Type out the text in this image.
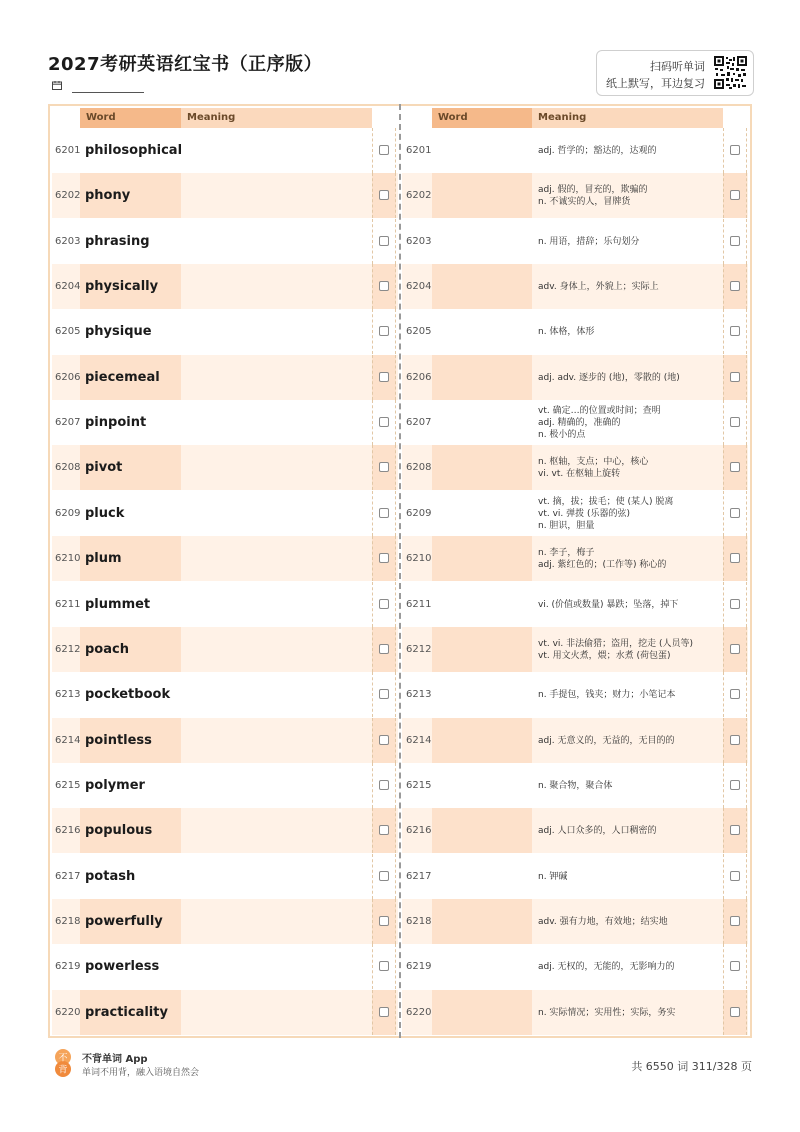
2027考研英语红宝书（正序版）	扫码听单词
纸上默写，耳边复习
Word	Meaning	Word	Meaning
6201 philosophical	6201	adj. 哲学的；豁达的，达观的
6202 phony	6202
adj. 假的，冒充的，欺骗的
n. 不诚实的人，冒牌货
6203 phrasing	6203	n. 用语，措辞；乐句划分
6204 physically	6204	adv. 身体上，外貌上；实际上
6205 physique	6205	n. 体格，体形
6206 piecemeal	6206	adj. adv. 逐步的 (地)，零散的 (地)
6207 pinpoint	6207
vt. 确定…的位置或时间；查明
adj. 精确的，准确的
n. 极小的点
6208 pivot	6208
n. 枢轴，支点；中心，核心
vi. vt. 在枢轴上旋转
6209 pluck	6209
vt. 摘，拔；拔毛；使 (某人) 脱离
vt. vi. 弹拨 (乐器的弦)
n. 胆识，胆量
6210 plum	6210
n. 李子，梅子
adj. 紫红色的；(工作等) 称心的
6211 plummet	6211	vi. (价值或数量) 暴跌；坠落，掉下
6212 poach	6212
vt. vi. 非法偷猎；盗用，挖走 (人员等)
vt. 用文火煮，煨；水煮 (荷包蛋)
6213 pocketbook	6213	n. 手提包，钱夹；财力；小笔记本
6214 pointless	6214	adj. 无意义的，无益的，无目的的
6215 polymer	6215	n. 聚合物，聚合体
6216 populous	6216	adj. 人口众多的，人口稠密的
6217 potash	6217	n. 钾碱
6218 powerfully	6218	adv. 强有力地，有效地；结实地
6219 powerless	6219	adj. 无权的，无能的，无影响力的
6220 practicality	6220	n. 实际情况；实用性；实际，务实
不
背
不背单词 App
单词不用背，融入语境自然会	共 6550 词 311/328 页
